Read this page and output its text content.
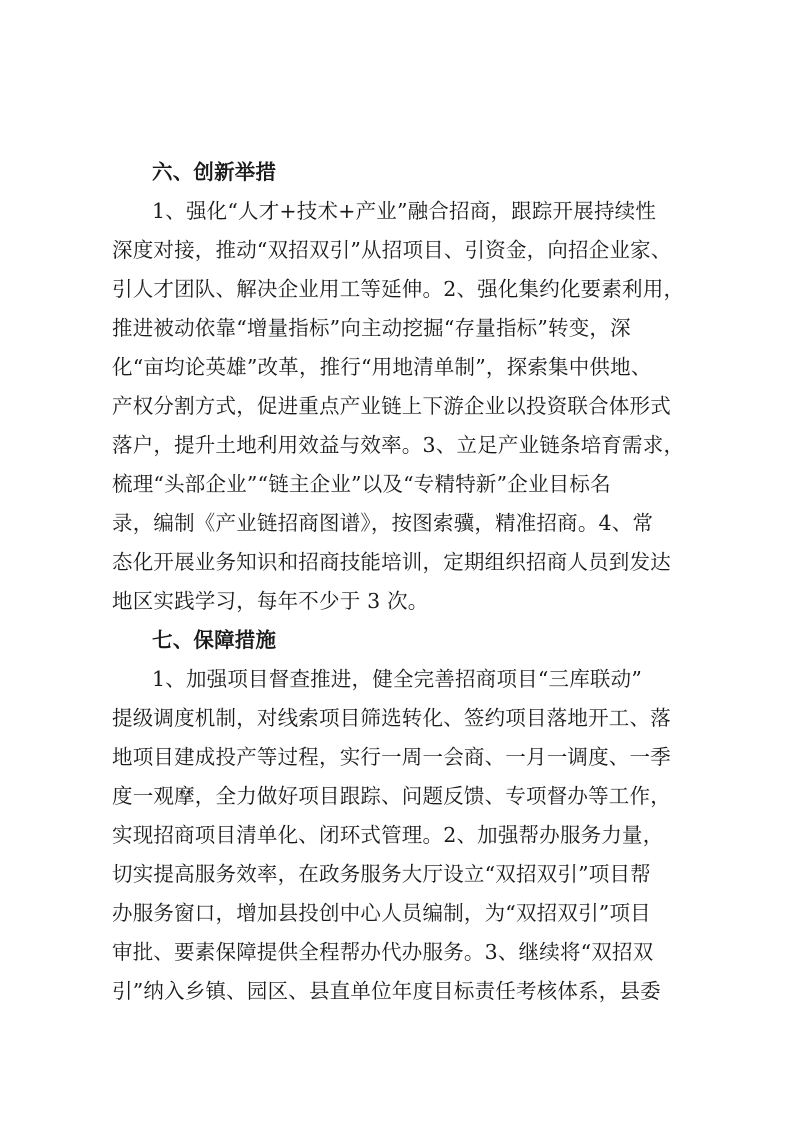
六、创新举措
1、强化“人才+技术+产业”融合招商，跟踪开展持续性
深度对接，推动“双招双引”从招项目、引资金，向招企业家、
引人才团队、解决企业用工等延伸。2、强化集约化要素利用，
推进被动依靠“增量指标”向主动挖掘“存量指标”转变，深
化“亩均论英雄”改革，推行“用地清单制”，探索集中供地、
产权分割方式，促进重点产业链上下游企业以投资联合体形式
落户，提升土地利用效益与效率。3、立足产业链条培育需求，
梳理“头部企业”“链主企业”以及“专精特新”企业目标名
录，编制《产业链招商图谱》，按图索骥，精准招商。4、常
态化开展业务知识和招商技能培训，定期组织招商人员到发达
地区实践学习，每年不少于 3 次。
七、保障措施
1、加强项目督查推进，健全完善招商项目“三库联动”
提级调度机制，对线索项目筛选转化、签约项目落地开工、落
地项目建成投产等过程，实行一周一会商、一月一调度、一季
度一观摩，全力做好项目跟踪、问题反馈、专项督办等工作，
实现招商项目清单化、闭环式管理。2、加强帮办服务力量，
切实提高服务效率，在政务服务大厅设立“双招双引”项目帮
办服务窗口，增加县投创中心人员编制，为“双招双引”项目
审批、要素保障提供全程帮办代办服务。3、继续将“双招双
引”纳入乡镇、园区、县直单位年度目标责任考核体系，县委
